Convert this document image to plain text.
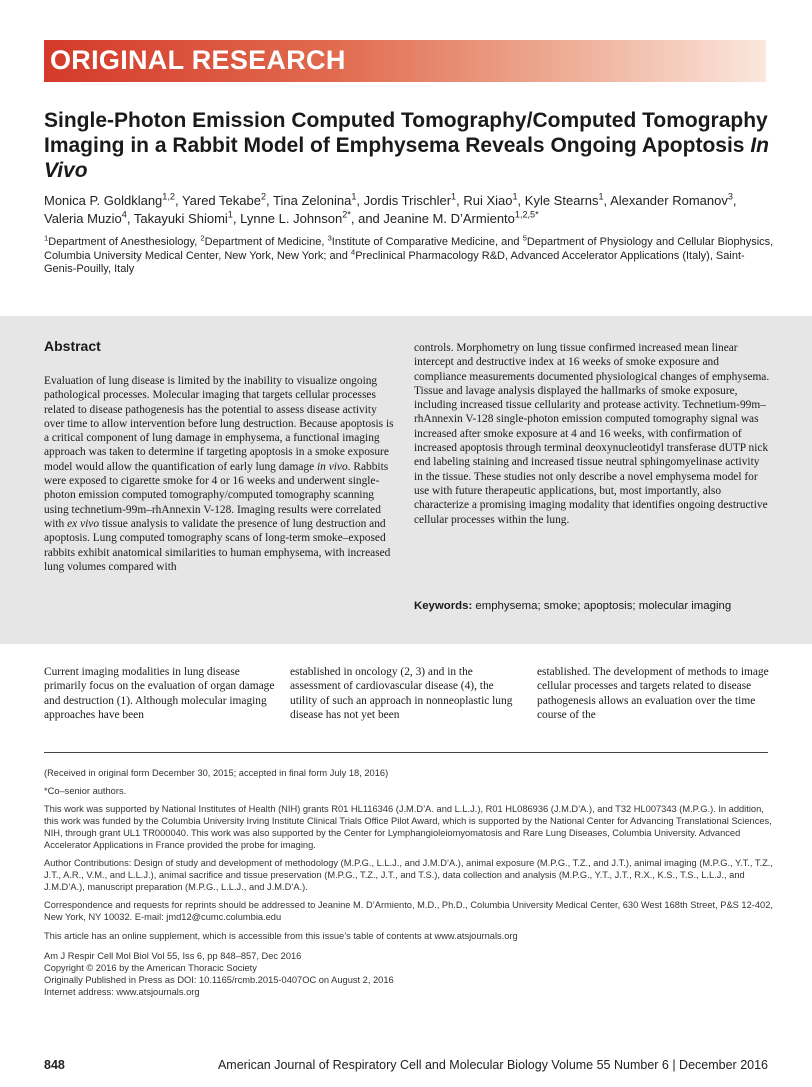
ORIGINAL RESEARCH
Single-Photon Emission Computed Tomography/Computed Tomography Imaging in a Rabbit Model of Emphysema Reveals Ongoing Apoptosis In Vivo
Monica P. Goldklang$^{1,2}$, Yared Tekabe$^2$, Tina Zelonina$^1$, Jordis Trischler$^1$, Rui Xiao$^1$, Kyle Stearns$^1$, Alexander Romanov$^3$, Valeria Muzio$^4$, Takayuki Shiomi$^1$, Lynne L. Johnson$^{2*}$, and Jeanine M. D’Armiento$^{1,2,5*}$
$^1$Department of Anesthesiology, $^2$Department of Medicine, $^3$Institute of Comparative Medicine, and $^5$Department of Physiology and Cellular Biophysics, Columbia University Medical Center, New York, New York; and $^4$Preclinical Pharmacology R&D, Advanced Accelerator Applications (Italy), Saint-Genis-Pouilly, Italy
Abstract

Evaluation of lung disease is limited by the inability to visualize ongoing pathological processes. Molecular imaging that targets cellular processes related to disease pathogenesis has the potential to assess disease activity over time to allow intervention before lung destruction. Because apoptosis is a critical component of lung damage in emphysema, a functional imaging approach was taken to determine if targeting apoptosis in a smoke exposure model would allow the quantification of early lung damage in vivo. Rabbits were exposed to cigarette smoke for 4 or 16 weeks and underwent single-photon emission computed tomography/computed tomography scanning using technetium-99m–rhAnnexin V-128. Imaging results were correlated with ex vivo tissue analysis to validate the presence of lung destruction and apoptosis. Lung computed tomography scans of long-term smoke–exposed rabbits exhibit anatomical similarities to human emphysema, with increased lung volumes compared with

controls. Morphometry on lung tissue confirmed increased mean linear intercept and destructive index at 16 weeks of smoke exposure and compliance measurements documented physiological changes of emphysema. Tissue and lavage analysis displayed the hallmarks of smoke exposure, including increased tissue cellularity and protease activity. Technetium-99m–rhAnnexin V-128 single-photon emission computed tomography signal was increased after smoke exposure at 4 and 16 weeks, with confirmation of increased apoptosis through terminal deoxynucleotidyl transferase dUTP nick end labeling staining and increased tissue neutral sphingomyelinase activity in the tissue. These studies not only describe a novel emphysema model for use with future therapeutic applications, but, most importantly, also characterize a promising imaging modality that identifies ongoing destructive cellular processes within the lung.

Keywords: emphysema; smoke; apoptosis; molecular imaging

Current imaging modalities in lung disease primarily focus on the evaluation of organ damage and destruction (1). Although molecular imaging approaches have been

established in oncology (2, 3) and in the assessment of cardiovascular disease (4), the utility of such an approach in nonneoplastic lung disease has not yet been

established. The development of methods to image cellular processes and targets related to disease pathogenesis allows an evaluation over the time course of the

(Received in original form December 30, 2015; accepted in final form July 18, 2016)

*Co–senior authors.

This work was supported by National Institutes of Health (NIH) grants R01 HL116346 (J.M.D’A. and L.L.J.), R01 HL086936 (J.M.D’A.), and T32 HL007343 (M.P.G.). In addition, this work was funded by the Columbia University Irving Institute Clinical Trials Office Pilot Award, which is supported by the National Center for Advancing Translational Sciences, NIH, through grant UL1 TR000040. This work was also supported by the Center for Lymphangioleiomyomatosis and Rare Lung Diseases, Columbia University. Advanced Accelerator Applications in France provided the probe for imaging.

Author Contributions: Design of study and development of methodology (M.P.G., L.L.J., and J.M.D’A.), animal exposure (M.P.G., T.Z., and J.T.), animal imaging (M.P.G., Y.T., T.Z., J.T., A.R., V.M., and L.L.J.), animal sacrifice and tissue preservation (M.P.G., T.Z., J.T., and T.S.), data collection and analysis (M.P.G., Y.T., J.T., R.X., K.S., T.S., L.L.J., and J.M.D’A.), manuscript preparation (M.P.G., L.L.J., and J.M.D’A.).

Correspondence and requests for reprints should be addressed to Jeanine M. D’Armiento, M.D., Ph.D., Columbia University Medical Center, 630 West 168th Street, P&S 12-402, New York, NY 10032. E-mail: jmd12@cumc.columbia.edu

This article has an online supplement, which is accessible from this issue’s table of contents at www.atsjournals.org

Am J Respir Cell Mol Biol Vol 55, Iss 6, pp 848–857, Dec 2016

Copyright © 2016 by the American Thoracic Society

Originally Published in Press as DOI: 10.1165/rcmb.2015-0407OC on August 2, 2016

Internet address: www.atsjournals.org

848	American Journal of Respiratory Cell and Molecular Biology Volume 55 Number 6 | December 2016
